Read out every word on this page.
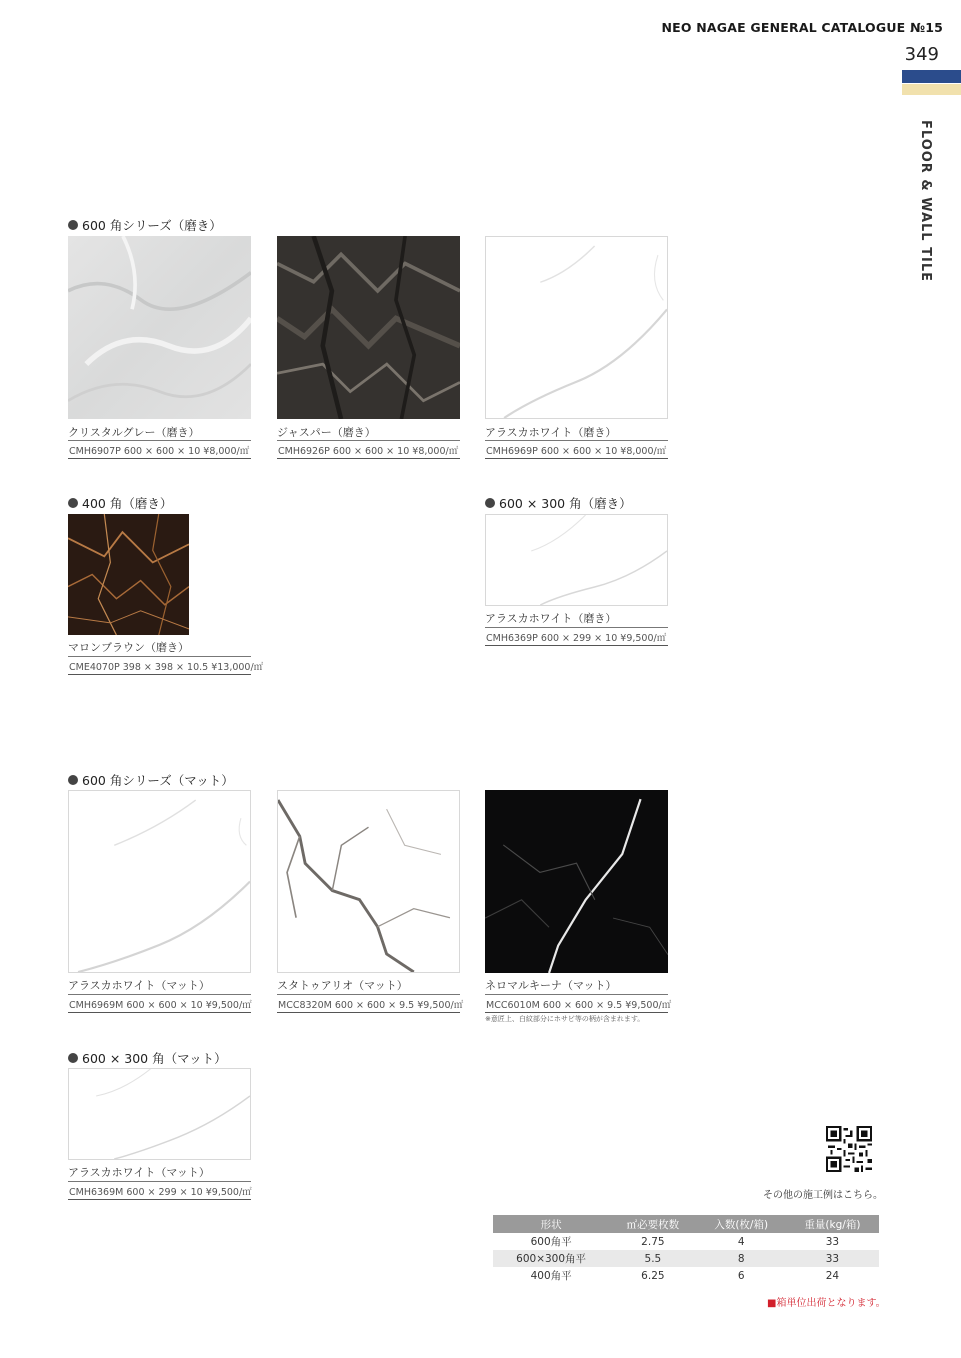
NEO NAGAE GENERAL CATALOGUE №15
349
FLOOR & WALL TILE
600 角シリーズ（磨き）
クリスタルグレー（磨き）
CMH6907P 600 × 600 × 10 ¥8,000/㎡
ジャスパー（磨き）
CMH6926P 600 × 600 × 10 ¥8,000/㎡
アラスカホワイト（磨き）
CMH6969P 600 × 600 × 10 ¥8,000/㎡
400 角（磨き）
マロンブラウン（磨き）
CME4070P 398 × 398 × 10.5 ¥13,000/㎡
600 × 300 角（磨き）
アラスカホワイト（磨き）
CMH6369P 600 × 299 × 10 ¥9,500/㎡
600 角シリーズ（マット）
アラスカホワイト（マット）
CMH6969M 600 × 600 × 10 ¥9,500/㎡
スタトゥアリオ（マット）
MCC8320M 600 × 600 × 9.5 ¥9,500/㎡
ネロマルキーナ（マット）
MCC6010M 600 × 600 × 9.5 ¥9,500/㎡
※意匠上、白紋部分にホサビ等の柄が含まれます。
600 × 300 角（マット）
アラスカホワイト（マット）
CMH6369M 600 × 299 × 10 ¥9,500/㎡	その他の施工例はこちら。
形状	㎡必要枚数	入数(枚/箱)	重量(kg/箱)
600角平	2.75	4	33
600×300角平	5.5	8	33
400角平	6.25	6	24
■箱単位出荷となります。
